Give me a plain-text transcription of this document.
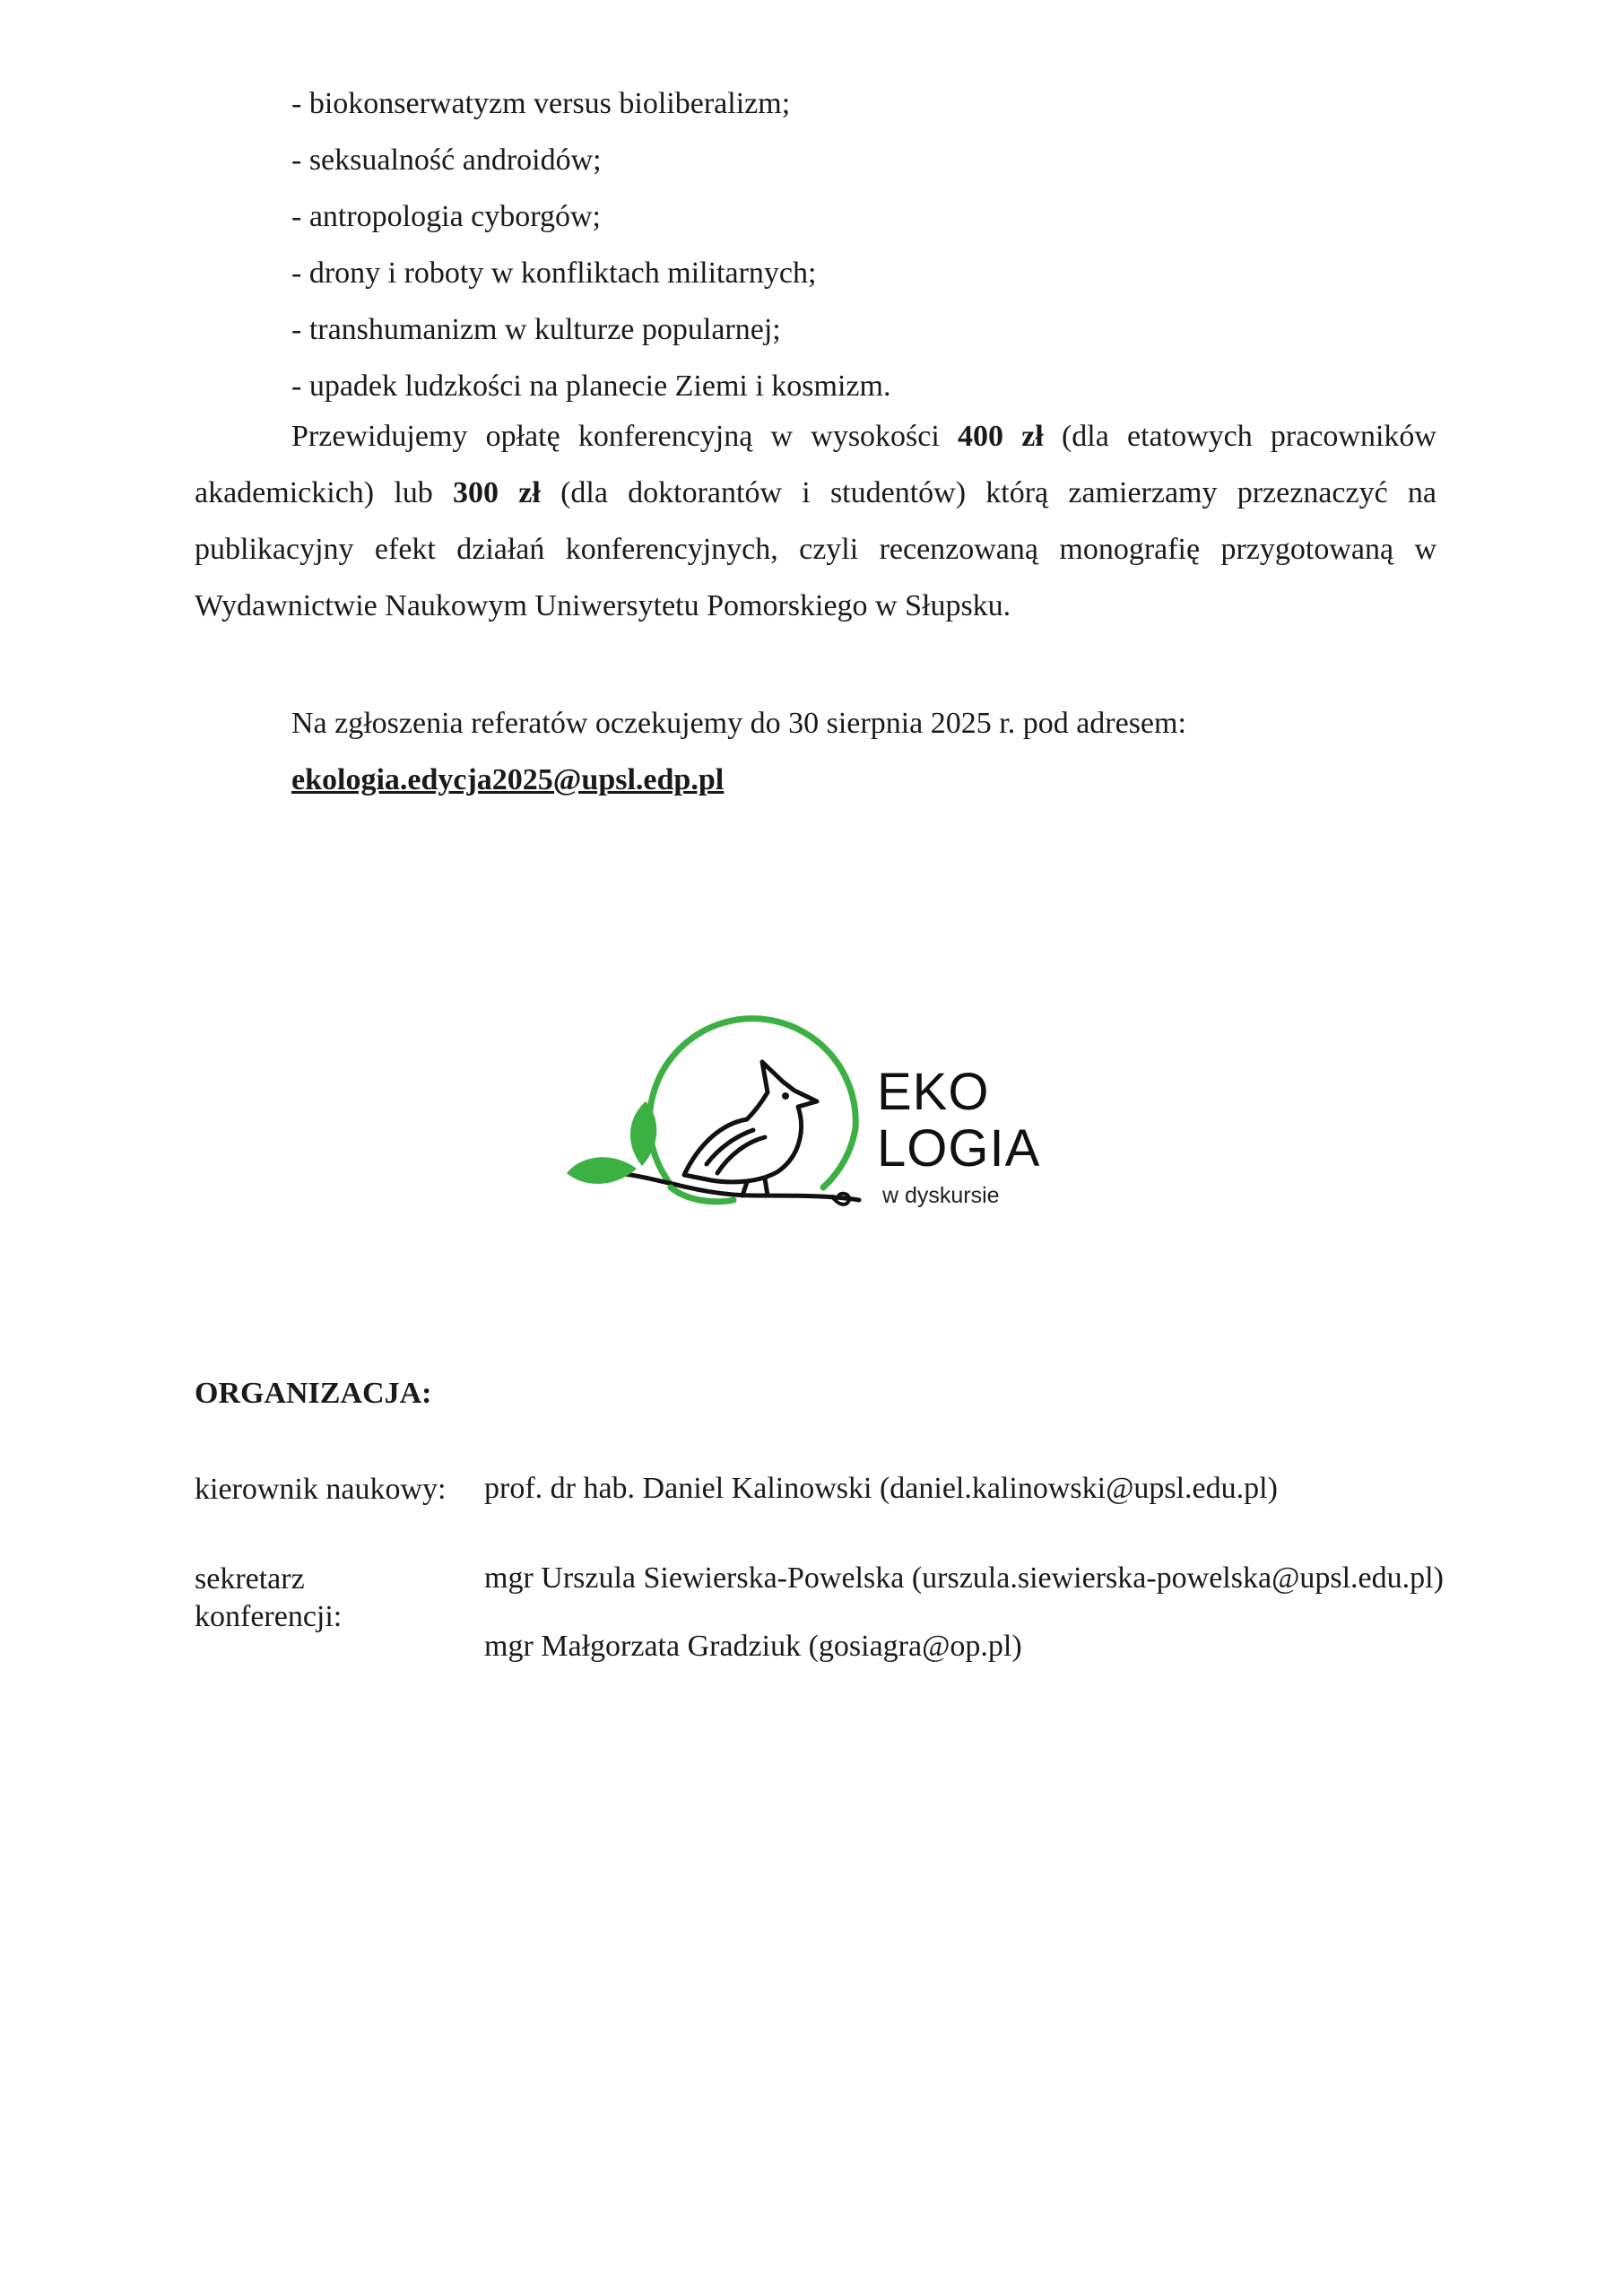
- biokonserwatyzm versus bioliberalizm;
- seksualność androidów;
- antropologia cyborgów;
- drony i roboty w konfliktach militarnych;
- transhumanizm w kulturze popularnej;
- upadek ludzkości na planecie Ziemi i kosmizm.

Przewidujemy opłatę konferencyjną w wysokości 400 zł (dla etatowych pracowników akademickich) lub 300 zł (dla doktorantów i studentów) którą zamierzamy przeznaczyć na publikacyjny efekt działań konferencyjnych, czyli recenzowaną monografię przygotowaną w Wydawnictwie Naukowym Uniwersytetu Pomorskiego w Słupsku.

Na zgłoszenia referatów oczekujemy do 30 sierpnia 2025 r. pod adresem:
ekologia.edycja2025@upsl.edp.pl
EKO
LOGIA
w dyskursie
ORGANIZACJA:
kierownik naukowy: prof. dr hab. Daniel Kalinowski (daniel.kalinowski@upsl.edu.pl)
sekretarz
konferencji:
mgr Urszula Siewierska-Powelska (urszula.siewierska-powelska@upsl.edu.pl)
mgr Małgorzata Gradziuk (gosiagra@op.pl)
